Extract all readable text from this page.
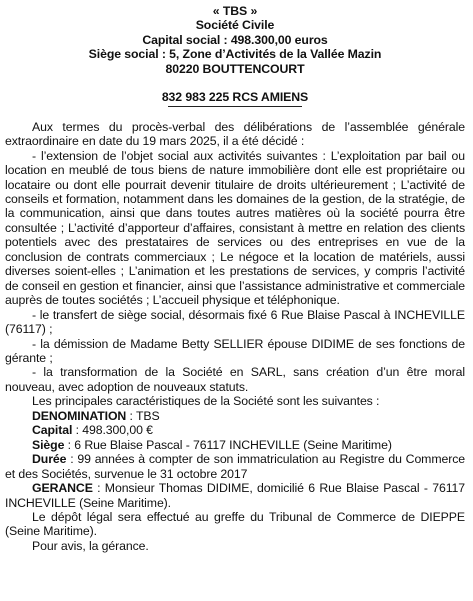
« TBS »
Société Civile
Capital social : 498.300,00 euros
Siège social : 5, Zone d’Activités de la Vallée Mazin
80220 BOUTTENCOURT
832 983 225 RCS AMIENS

Aux termes du procès-verbal des délibérations de l’assemblée générale extraordinaire en date du 19 mars 2025, il a été décidé :

- l’extension de l’objet social aux activités suivantes : L’exploitation par bail ou location en meublé de tous biens de nature immobilière dont elle est propriétaire ou locataire ou dont elle pourrait devenir titulaire de droits ultérieurement ; L’activité de conseils et formation, notamment dans les domaines de la gestion, de la stratégie, de la communication, ainsi que dans toutes autres matières où la société pourra être consultée ; L’activité d’apporteur d’affaires, consistant à mettre en relation des clients potentiels avec des prestataires de services ou des entreprises en vue de la conclusion de contrats commerciaux ; Le négoce et la location de matériels, aussi diverses soient-elles ; L’animation et les prestations de services, y compris l’activité de conseil en gestion et financier, ainsi que l’assistance administrative et commerciale auprès de toutes sociétés ; L’accueil physique et téléphonique.

- le transfert de siège social, désormais fixé 6 Rue Blaise Pascal à INCHEVILLE (76117) ;

- la démission de Madame Betty SELLIER épouse DIDIME de ses fonctions de gérante ;

- la transformation de la Société en SARL, sans création d’un être moral nouveau, avec adoption de nouveaux statuts.

Les principales caractéristiques de la Société sont les suivantes :

DENOMINATION : TBS

Capital : 498.300,00 €

Siège : 6 Rue Blaise Pascal - 76117 INCHEVILLE (Seine Maritime)

Durée : 99 années à compter de son immatriculation au Registre du Commerce et des Sociétés, survenue le 31 octobre 2017

GERANCE : Monsieur Thomas DIDIME, domicilié 6 Rue Blaise Pascal - 76117 INCHEVILLE (Seine Maritime).

Le dépôt légal sera effectué au greffe du Tribunal de Commerce de DIEPPE (Seine Maritime).

Pour avis, la gérance.
